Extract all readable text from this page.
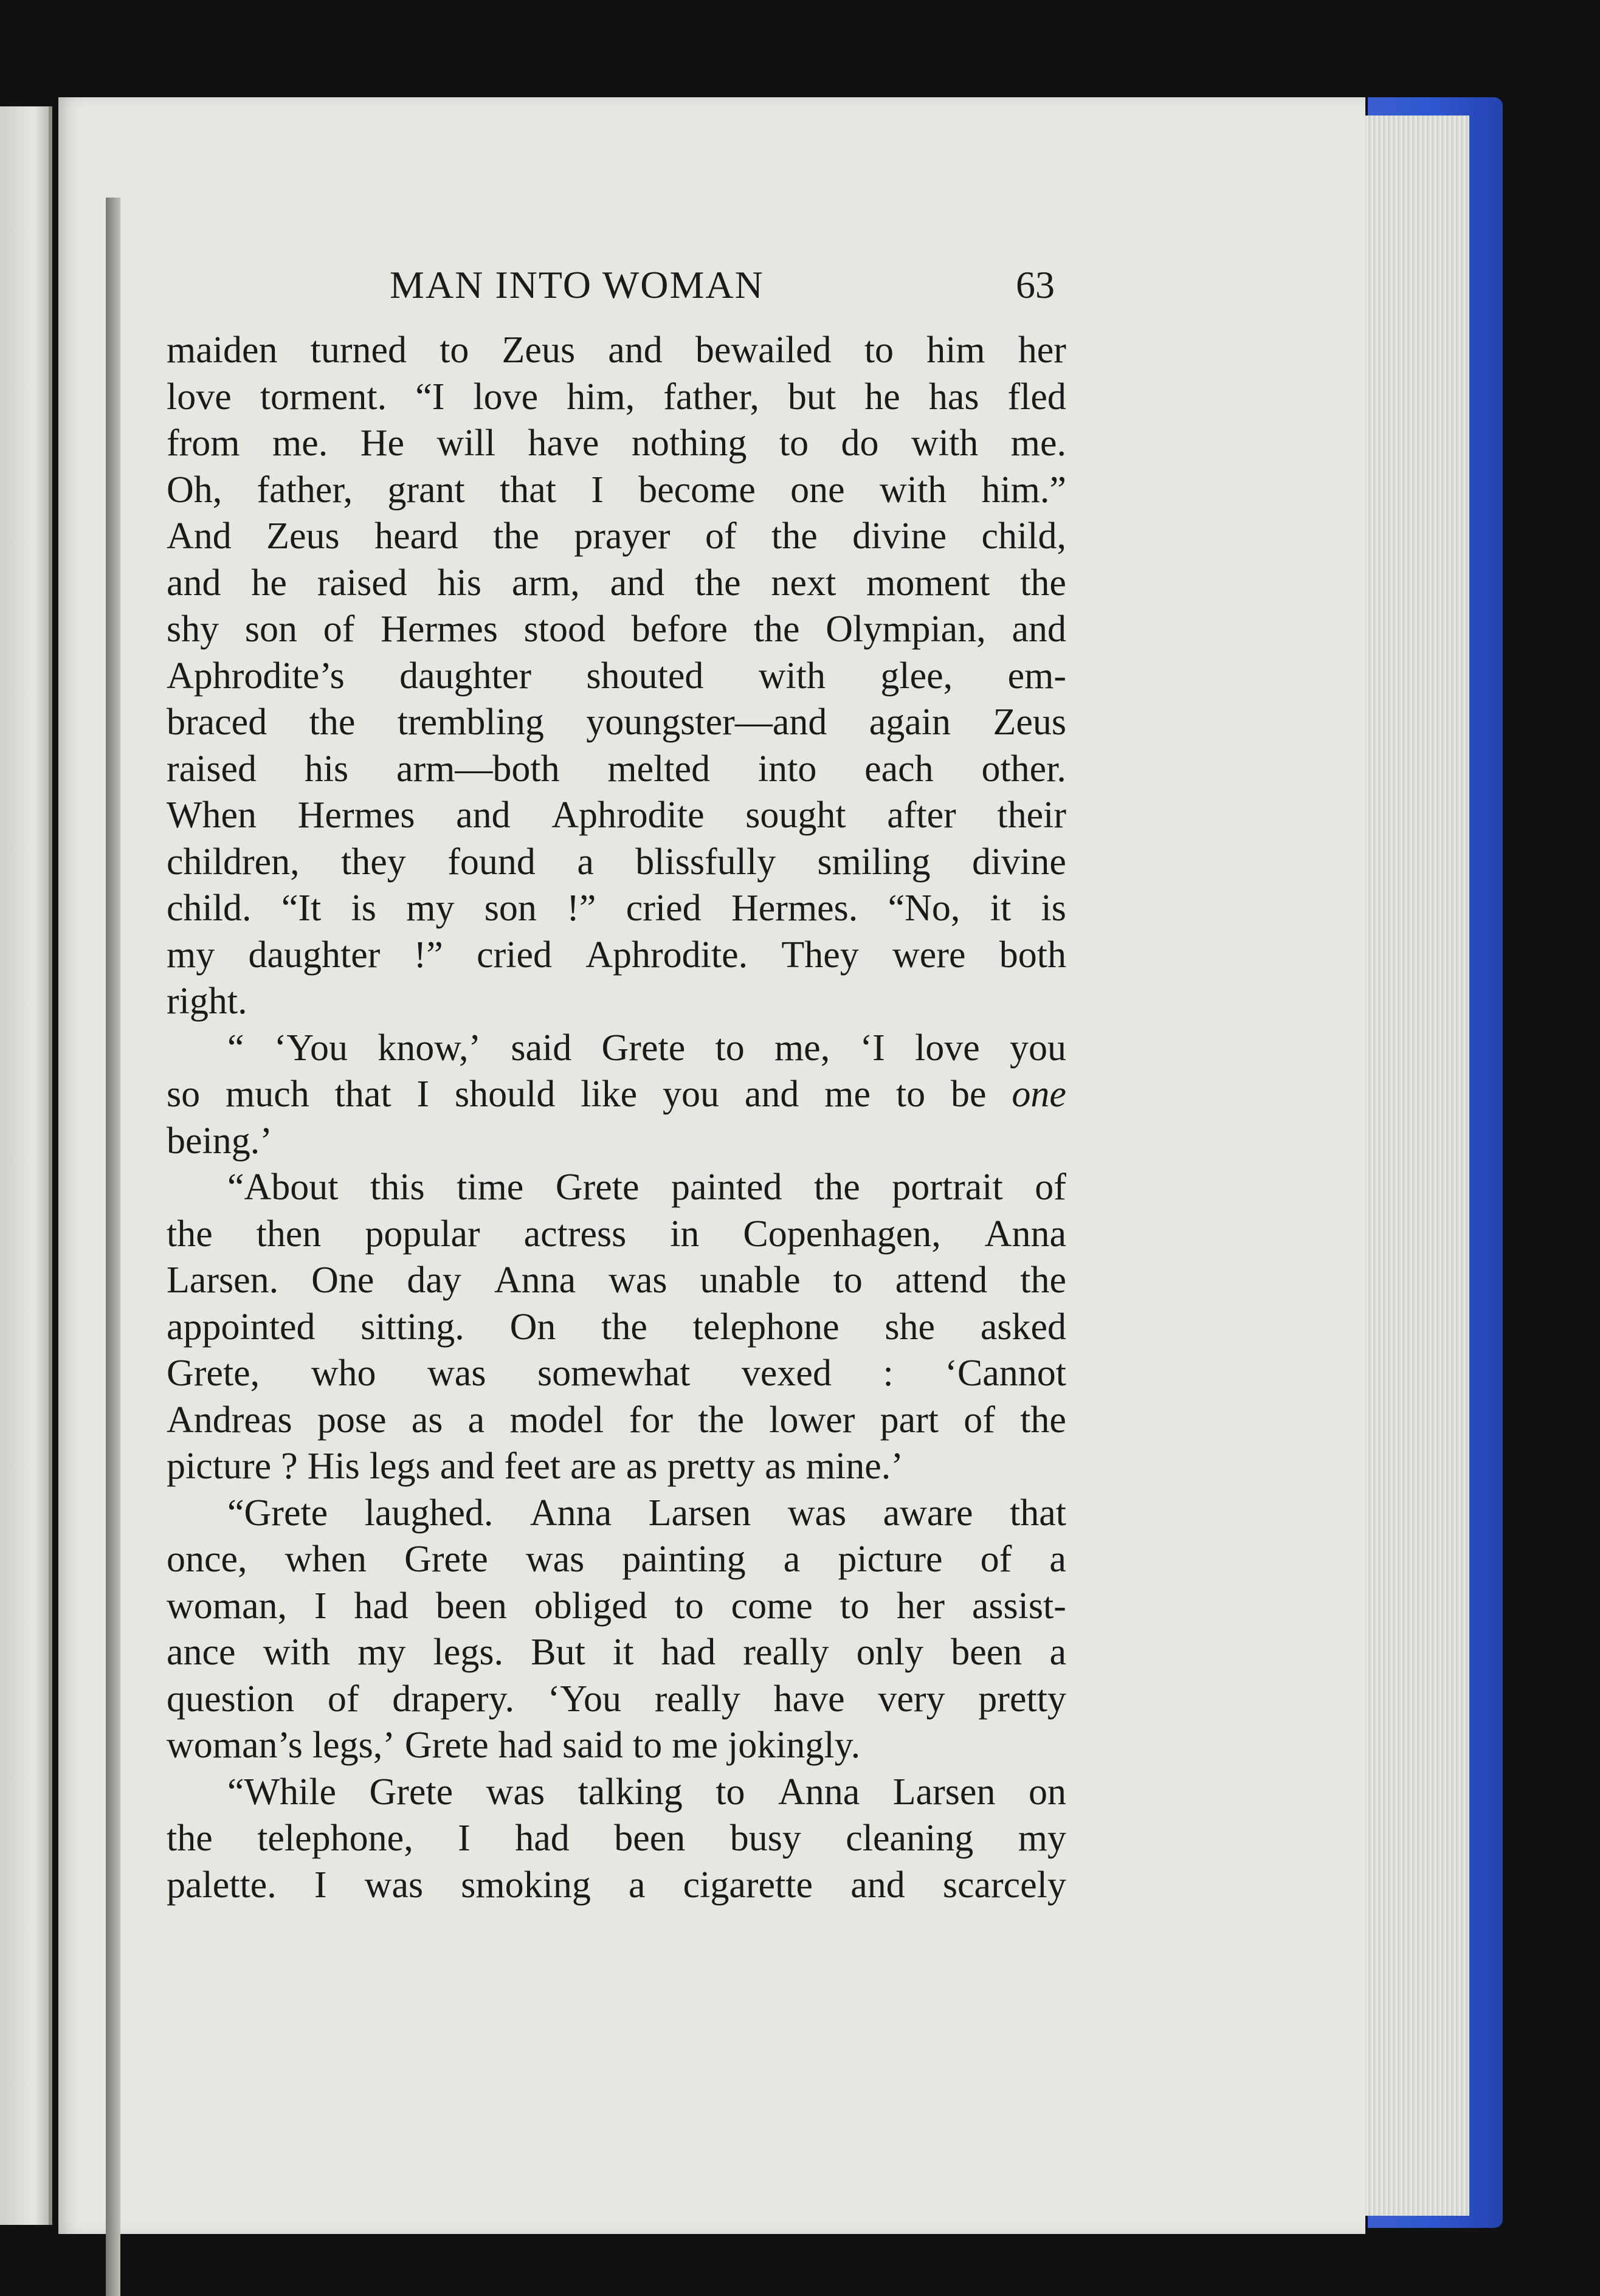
MAN INTO WOMAN	63
maiden turned to Zeus and bewailed to him her
love torment. “I love him, father, but he has fled
from me. He will have nothing to do with me.
Oh, father, grant that I become one with him.”
And Zeus heard the prayer of the divine child,
and he raised his arm, and the next moment the
shy son of Hermes stood before the Olympian, and
Aphrodite’s daughter shouted with glee, em-
braced the trembling youngster—and again Zeus
raised his arm—both melted into each other.
When Hermes and Aphrodite sought after their
children, they found a blissfully smiling divine
child. “It is my son !” cried Hermes. “No, it is
my daughter !” cried Aphrodite. They were both
right.
“ ‘You know,’ said Grete to me, ‘I love you
so much that I should like you and me to be one
being.’
“About this time Grete painted the portrait of
the then popular actress in Copenhagen, Anna
Larsen. One day Anna was unable to attend the
appointed sitting. On the telephone she asked
Grete, who was somewhat vexed : ‘Cannot
Andreas pose as a model for the lower part of the
picture ? His legs and feet are as pretty as mine.’
“Grete laughed. Anna Larsen was aware that
once, when Grete was painting a picture of a
woman, I had been obliged to come to her assist-
ance with my legs. But it had really only been a
question of drapery. ‘You really have very pretty
woman’s legs,’ Grete had said to me jokingly.
“While Grete was talking to Anna Larsen on
the telephone, I had been busy cleaning my
palette. I was smoking a cigarette and scarcely
